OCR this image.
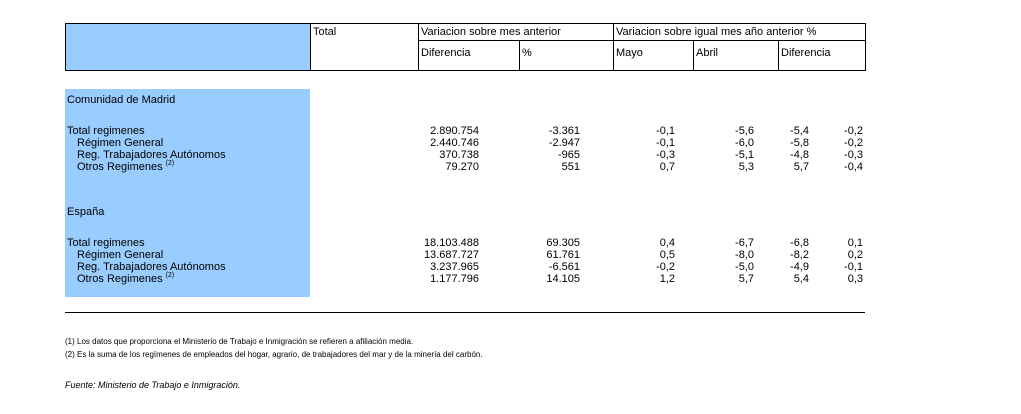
Total	Variacion sobre mes anterior	Variacion sobre igual mes año anterior %
Diferencia	%	Mayo	Abril	Diferencia
Comunidad de Madrid
Total regimenes	2.890.754	-3.361	-0,1	-5,6	-5,4	-0,2
Régimen General	2.440.746	-2.947	-0,1	-6,0	-5,8	-0,2
Reg. Trabajadores Autónomos	370.738	-965	-0,3	-5,1	-4,8	-0,3
Otros Regimenes $^{(2)}$	79.270	551	0,7	5,3	5,7	-0,4
España
Total regimenes	18.103.488	69.305	0,4	-6,7	-6,8	0,1
Régimen General	13.687.727	61.761	0,5	-8,0	-8,2	0,2
Reg. Trabajadores Autónomos	3.237.965	-6.561	-0,2	-5,0	-4,9	-0,1
Otros Regimenes $^{(2)}$	1.177.796	14.105	1,2	5,7	5,4	0,3
(1) Los datos que proporciona el Ministerio de Trabajo e Inmigración se refieren a afiliación media.
(2) Es la suma de los regímenes de empleados del hogar, agrario, de trabajadores del mar y de la minería del carbón.
Fuente: Ministerio de Trabajo e Inmigración.
